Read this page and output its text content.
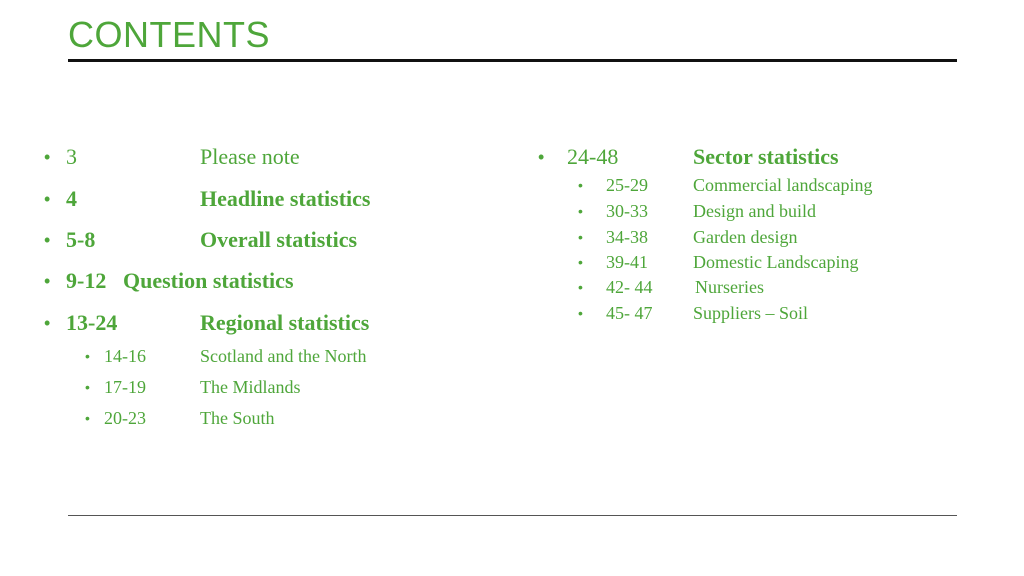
CONTENTS
• 3	Please note
• 4	Headline statistics
• 5-8	Overall statistics
• 9-12 Question statistics
• 13-24	Regional statistics
• 14-16	Scotland and the North
• 17-19	The Midlands
• 20-23	The South
• 24-48	Sector statistics
• 25-29	Commercial landscaping
• 30-33	Design and build
• 34-38	Garden design
• 39-41	Domestic Landscaping
• 42- 44 Nurseries
• 45- 47 Suppliers – Soil
